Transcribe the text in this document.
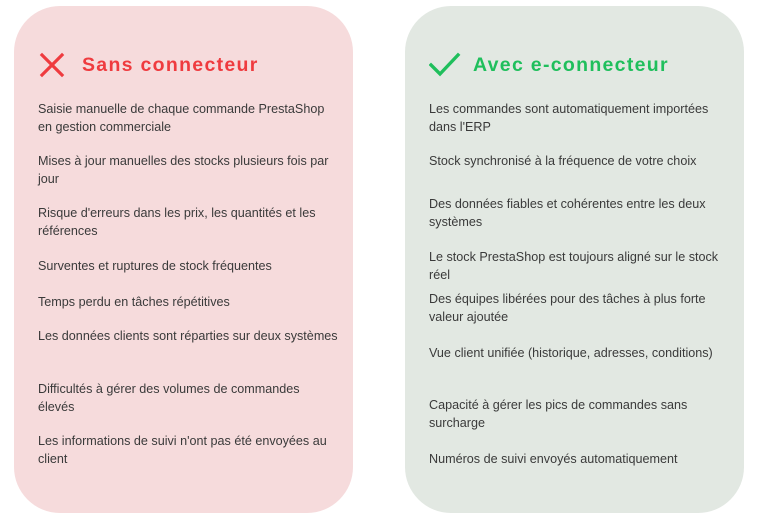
Sans connecteur
Saisie manuelle de chaque commande PrestaShop en gestion commerciale
Mises à jour manuelles des stocks plusieurs fois par jour
Risque d'erreurs dans les prix, les quantités et les références
Surventes et ruptures de stock fréquentes
Temps perdu en tâches répétitives
Les données clients sont réparties sur deux systèmes
Difficultés à gérer des volumes de commandes élevés
Les informations de suivi n'ont pas été envoyées au client
Avec e-connecteur
Les commandes sont automatiquement importées dans l'ERP
Stock synchronisé à la fréquence de votre choix
Des données fiables et cohérentes entre les deux systèmes
Le stock PrestaShop est toujours aligné sur le stock réel
Des équipes libérées pour des tâches à plus forte valeur ajoutée
Vue client unifiée (historique, adresses, conditions)
Capacité à gérer les pics de commandes sans surcharge
Numéros de suivi envoyés automatiquement
